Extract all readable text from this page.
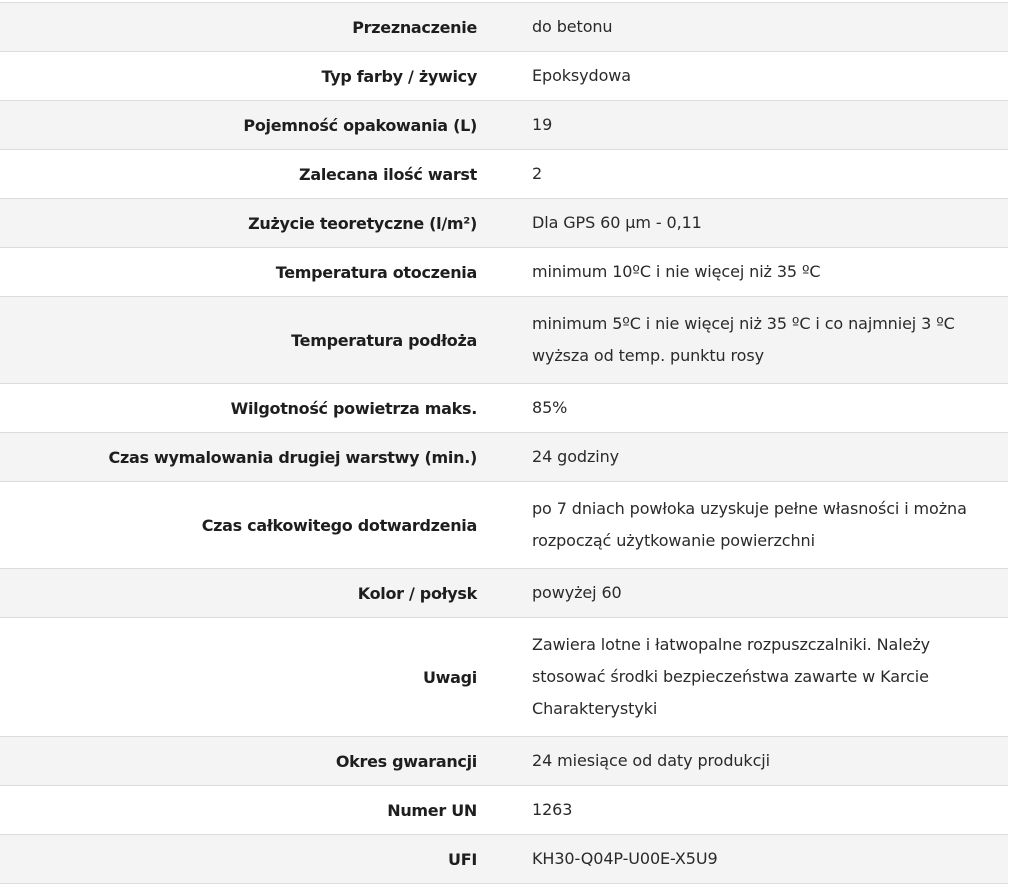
Przeznaczenie	do betonu
Typ farby / żywicy	Epoksydowa
Pojemność opakowania (L)	19
Zalecana ilość warst	2
Zużycie teoretyczne (l/m²)	Dla GPS 60 µm - 0,11
Temperatura otoczenia	minimum 10ºC i nie więcej niż 35 ºC
Temperatura podłoża	minimum 5ºC i nie więcej niż 35 ºC i co najmniej 3 ºC wyższa od temp. punktu rosy
Wilgotność powietrza maks.	85%
Czas wymalowania drugiej warstwy (min.)	24 godziny
Czas całkowitego dotwardzenia	po 7 dniach powłoka uzyskuje pełne własności i można rozpocząć użytkowanie powierzchni
Kolor / połysk	powyżej 60
Uwagi	Zawiera lotne i łatwopalne rozpuszczalniki. Należy stosować środki bezpieczeństwa zawarte w Karcie Charakterystyki
Okres gwarancji	24 miesiące od daty produkcji
Numer UN	1263
UFI	KH30-Q04P-U00E-X5U9
